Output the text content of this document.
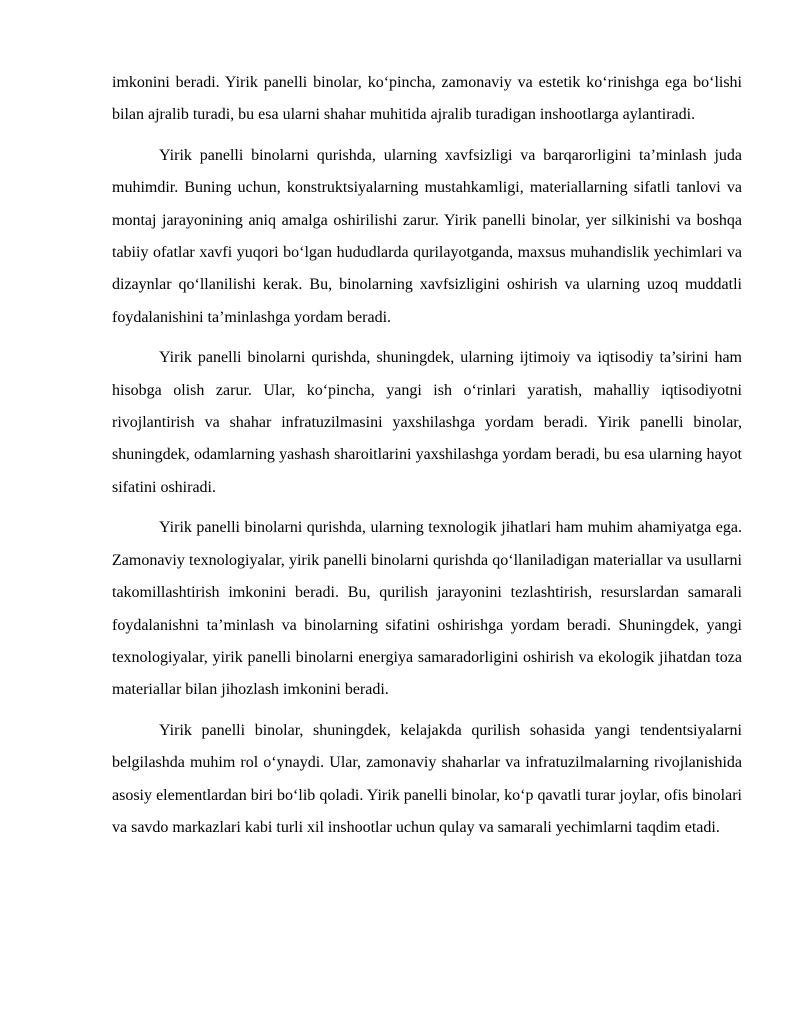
imkonini beradi. Yirik panelli binolar, ko‘pincha, zamonaviy va estetik ko‘rinishga ega bo‘lishi bilan ajralib turadi, bu esa ularni shahar muhitida ajralib turadigan inshootlarga aylantiradi.

Yirik panelli binolarni qurishda, ularning xavfsizligi va barqarorligini ta’minlash juda muhimdir. Buning uchun, konstruktsiyalarning mustahkamligi, materiallarning sifatli tanlovi va montaj jarayonining aniq amalga oshirilishi zarur. Yirik panelli binolar, yer silkinishi va boshqa tabiiy ofatlar xavfi yuqori bo‘lgan hududlarda qurilayotganda, maxsus muhandislik yechimlari va dizaynlar qo‘llanilishi kerak. Bu, binolarning xavfsizligini oshirish va ularning uzoq muddatli foydalanishini ta’minlashga yordam beradi.

Yirik panelli binolarni qurishda, shuningdek, ularning ijtimoiy va iqtisodiy ta’sirini ham hisobga olish zarur. Ular, ko‘pincha, yangi ish o‘rinlari yaratish, mahalliy iqtisodiyotni rivojlantirish va shahar infratuzilmasini yaxshilashga yordam beradi. Yirik panelli binolar, shuningdek, odamlarning yashash sharoitlarini yaxshilashga yordam beradi, bu esa ularning hayot sifatini oshiradi.

Yirik panelli binolarni qurishda, ularning texnologik jihatlari ham muhim ahamiyatga ega. Zamonaviy texnologiyalar, yirik panelli binolarni qurishda qo‘llaniladigan materiallar va usullarni takomillashtirish imkonini beradi. Bu, qurilish jarayonini tezlashtirish, resurslardan samarali foydalanishni ta’minlash va binolarning sifatini oshirishga yordam beradi. Shuningdek, yangi texnologiyalar, yirik panelli binolarni energiya samaradorligini oshirish va ekologik jihatdan toza materiallar bilan jihozlash imkonini beradi.

Yirik panelli binolar, shuningdek, kelajakda qurilish sohasida yangi tendentsiyalarni belgilashda muhim rol o‘ynaydi. Ular, zamonaviy shaharlar va infratuzilmalarning rivojlanishida asosiy elementlardan biri bo‘lib qoladi. Yirik panelli binolar, ko‘p qavatli turar joylar, ofis binolari va savdo markazlari kabi turli xil inshootlar uchun qulay va samarali yechimlarni taqdim etadi.
